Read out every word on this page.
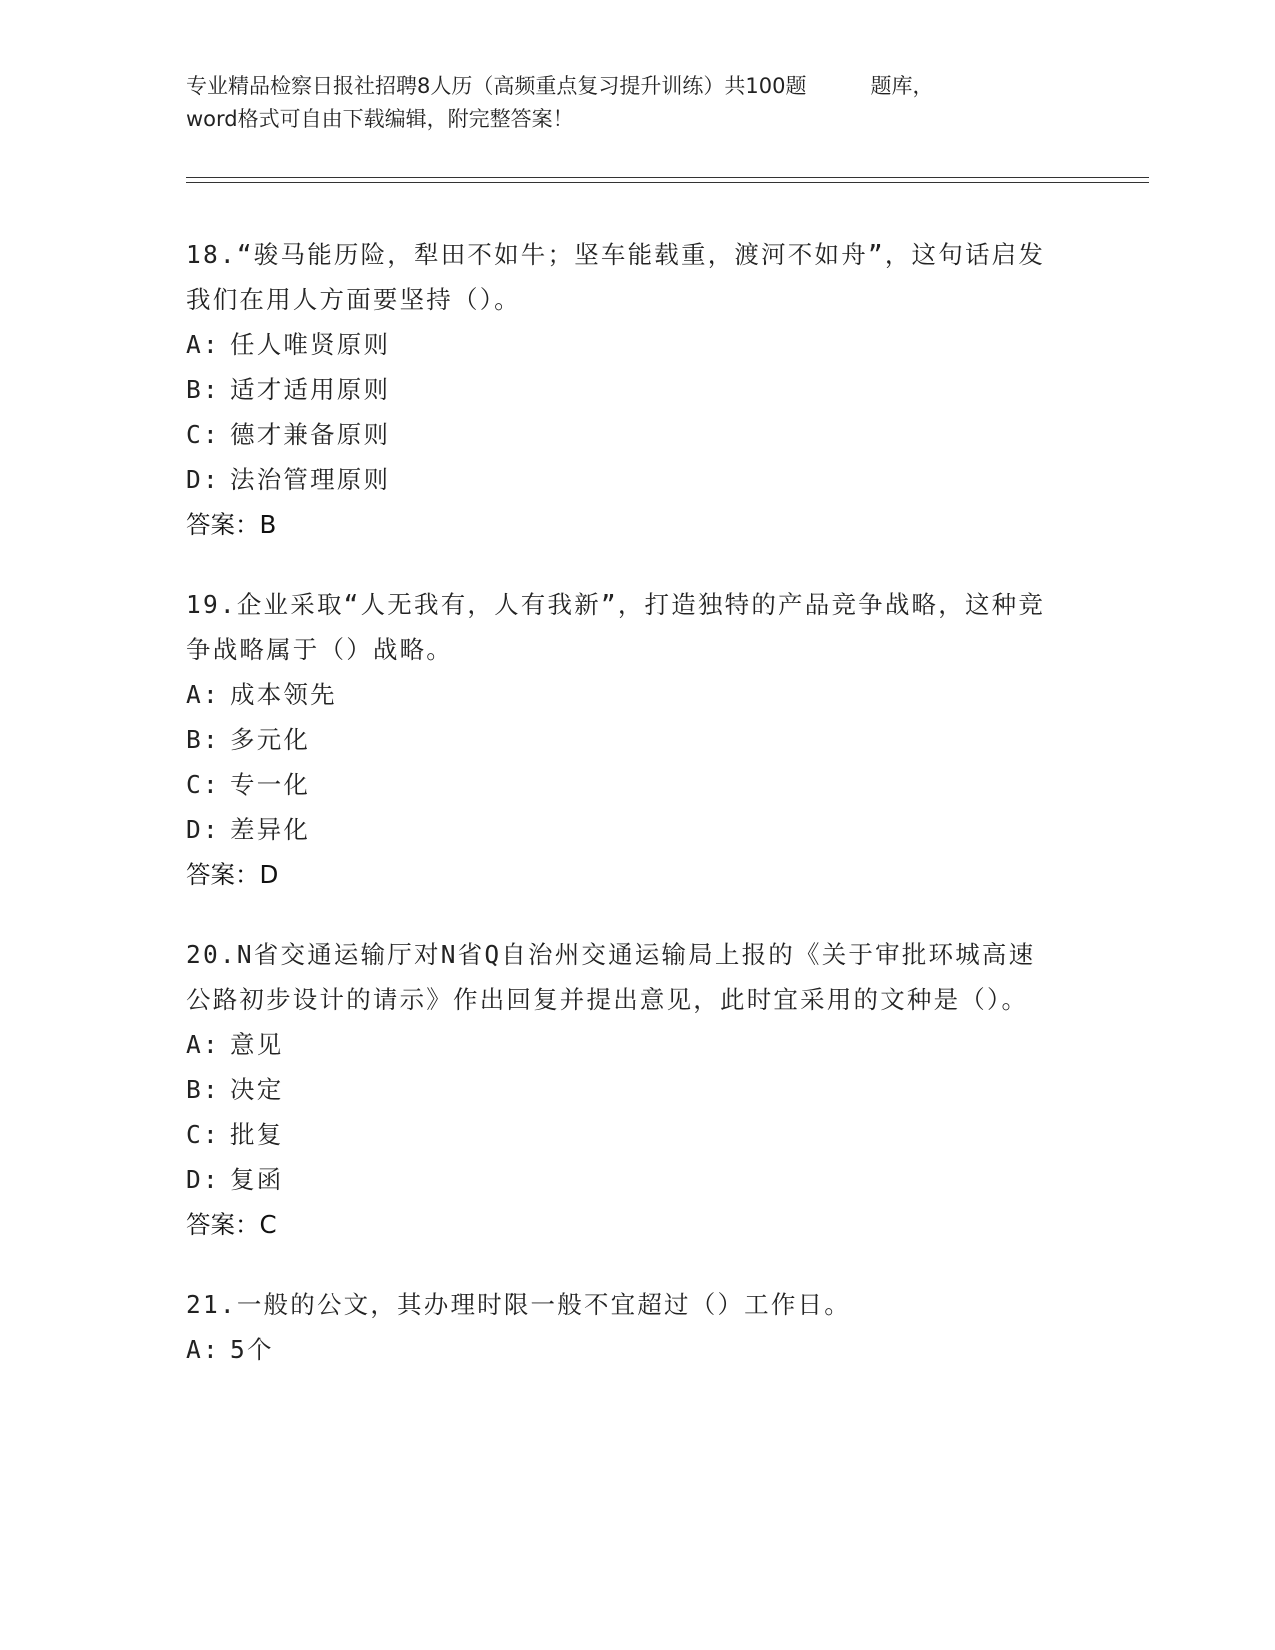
专业精品检察日报社招聘8人历（高频重点复习提升训练）共100题	题库，
word格式可自由下载编辑，附完整答案！
18.“骏马能历险，犁田不如牛；坚车能载重，渡河不如舟”，这句话启发我们在用人方面要坚持（）。
A: 任人唯贤原则
B: 适才适用原则
C: 德才兼备原则
D: 法治管理原则
答案：B
19.企业采取“人无我有，人有我新”，打造独特的产品竞争战略，这种竞争战略属于（）战略。
A: 成本领先
B: 多元化
C: 专一化
D: 差异化
答案：D
20.N省交通运输厅对N省Q自治州交通运输局上报的《关于审批环城高速公路初步设计的请示》作出回复并提出意见，此时宜采用的文种是（）。
A: 意见
B: 决定
C: 批复
D: 复函
答案：C
21.一般的公文，其办理时限一般不宜超过（）工作日。
A: 5个
